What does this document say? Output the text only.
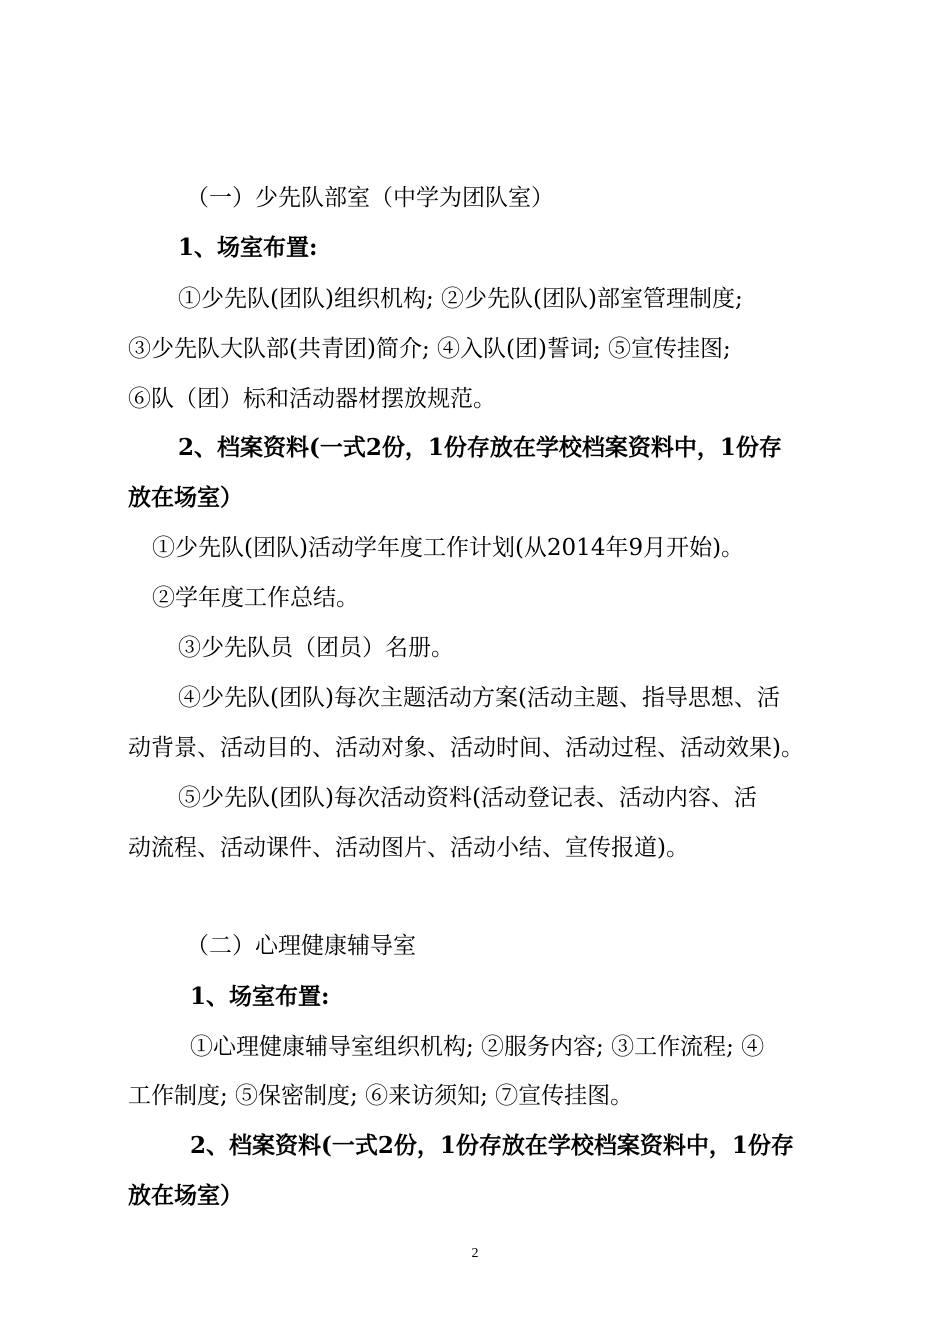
（一）少先队部室（中学为团队室）
1、场室布置:
①少先队(团队)组织机构; ②少先队(团队)部室管理制度;
③少先队大队部(共青团)简介; ④入队(团)誓词; ⑤宣传挂图;
⑥队（团）标和活动器材摆放规范。
2、档案资料(一式2份，1份存放在学校档案资料中，1份存
放在场室）
①少先队(团队)活动学年度工作计划(从2014年9月开始)。
②学年度工作总结。
③少先队员（团员）名册。
④少先队(团队)每次主题活动方案(活动主题、指导思想、活
动背景、活动目的、活动对象、活动时间、活动过程、活动效果)。
⑤少先队(团队)每次活动资料(活动登记表、活动内容、活
动流程、活动课件、活动图片、活动小结、宣传报道)。
（二）心理健康辅导室
1、场室布置:
①心理健康辅导室组织机构; ②服务内容; ③工作流程; ④
工作制度; ⑤保密制度; ⑥来访须知; ⑦宣传挂图。
2、档案资料(一式2份，1份存放在学校档案资料中，1份存
放在场室）
2
